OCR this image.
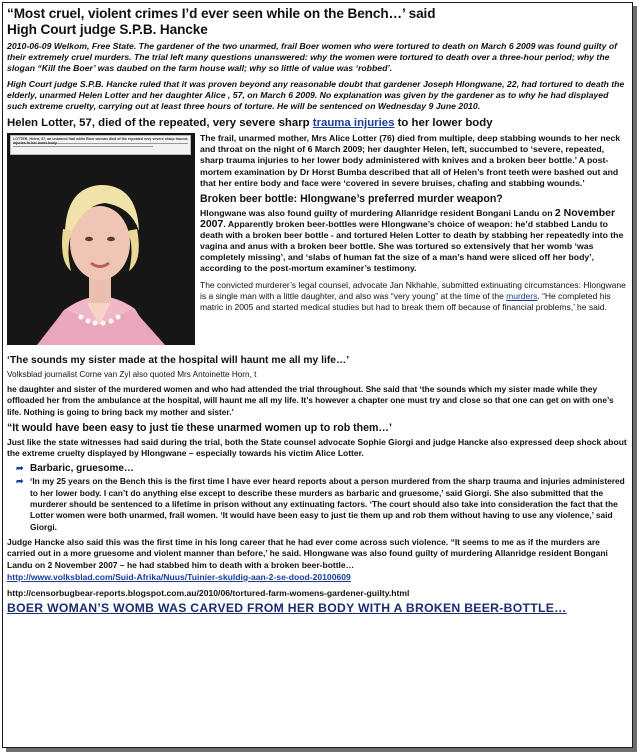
“Most cruel, violent crimes I’d ever seen while on the Bench…’ said
High Court judge S.P.B. Hancke

2010-06-09 Welkom, Free State. The gardener of the two unarmed, frail Boer women who were tortured to death on March 6 2009 was found guilty of their extremely cruel murders. The trial left many questions unanswered: why the women were tortured to death over a three-hour period; why the slogan “Kill the Boer’ was daubed on the farm house wall; why so little of value was ‘robbed’.

High Court judge S.P.B. Hancke ruled that it was proven beyond any reasonable doubt that gardener Joseph Hlongwane, 22, had tortured to death the elderly, unarmed Helen Lotter and her daughter Alice , 57, on March 6 2009. No explanation was given by the gardener as to why he had displayed such extreme cruelty, carrying out at least three hours of torture. He will be sentenced on Wednesday 9 June 2010.

Helen Lotter, 57, died of the repeated, very severe sharp trauma injuries to her lower body
LOTTER, Helen, 57, an unarmed frail white Boer woman died of the repeated very severe sharp trauma injuries to her lower body	The frail, unarmed mother, Mrs Alice Lotter (76) died from multiple, deep stabbing wounds to her neck and throat on the night of 6 March 2009; her daughter Helen, left, succumbed to ‘severe, repeated, sharp trauma injuries to her lower body administered with knives and a broken beer bottle.’ A post-mortem examination by Dr Horst Bumba described that all of Helen’s front teeth were bashed out and that her entire body and face were ‘covered in severe bruises, chafing and stabbing wounds.’

Broken beer bottle: Hlongwane’s preferred murder weapon?

Hlongwane was also found guilty of murdering Allanridge resident Bongani Landu on 2 November 2007. Apparently broken beer-bottles were Hlongwane’s choice of weapon: he’d stabbed Landu to death with a broken beer bottle - and tortured Helen Lotter to death by stabbing her repeatedly into the vagina and anus with a broken beer bottle. She was tortured so extensively that her womb ‘was completely missing’, and ‘slabs of human fat the size of a man’s hand were sliced off her body’, according to the post-mortum examiner’s testimony.

The convicted murderer’s legal counsel, advocate Jan Nkhahle, submitted extinuating circumstances: Hlongwane is a single man with a little daughter, and also was “very young” at the time of the murders. “He completed his matric in 2005 and started medical studies but had to break them off because of financial problems,’ he said.

‘The sounds my sister made at the hospital will haunt me all my life…’

Volksblad journalist Corne van Zyl also quoted Mrs Antoinette Horn, t

he daughter and sister of the murdered women and who had attended the trial throughout. She said that ‘the sounds which my sister made while they offloaded her from the ambulance at the hospital, will haunt me all my life. It’s however a chapter one must try and close so that one can get on with one’s life. Nothing is going to bring back my mother and sister.’

“It would have been easy to just tie these unarmed women up to rob them…’

Just like the state witnesses had said during the trial, both the State counsel advocate Sophie Giorgi and judge Hancke also expressed deep shock about the extreme cruelty displayed by Hlongwane – especially towards his victim Alice Lotter.

➦ Barbaric, gruesome…
➦ ‘In my 25 years on the Bench this is the first time I have ever heard reports about a person murdered from the sharp trauma and injuries administered to her lower body. I can’t do anything else except to describe these murders as barbaric and gruesome,’ said Giorgi. She also submitted that the murderer should be sentenced to a lifetime in prison without any extinuating factors. ‘The court should also take into consideration the fact that the Lotter women were both unarmed, frail women. ‘It would have been easy to just tie them up and rob them without having to use any violence,’ said Giorgi.

Judge Hancke also said this was the first time in his long career that he had ever come across such violence. “It seems to me as if the murders are carried out in a more gruesome and violent manner than before,’ he said. Hlongwane was also found guilty of murdering Allanridge resident Bongani Landu on 2 November 2007 – he had stabbed him to death with a broken beer-bottle…

http://www.volksblad.com/Suid-Afrika/Nuus/Tuinier-skuldig-aan-2-se-dood-20100609
http://censorbugbear-reports.blogspot.com.au/2010/06/tortured-farm-womens-gardener-guilty.html

BOER WOMAN’S WOMB WAS CARVED FROM HER BODY WITH A BROKEN BEER-BOTTLE…
